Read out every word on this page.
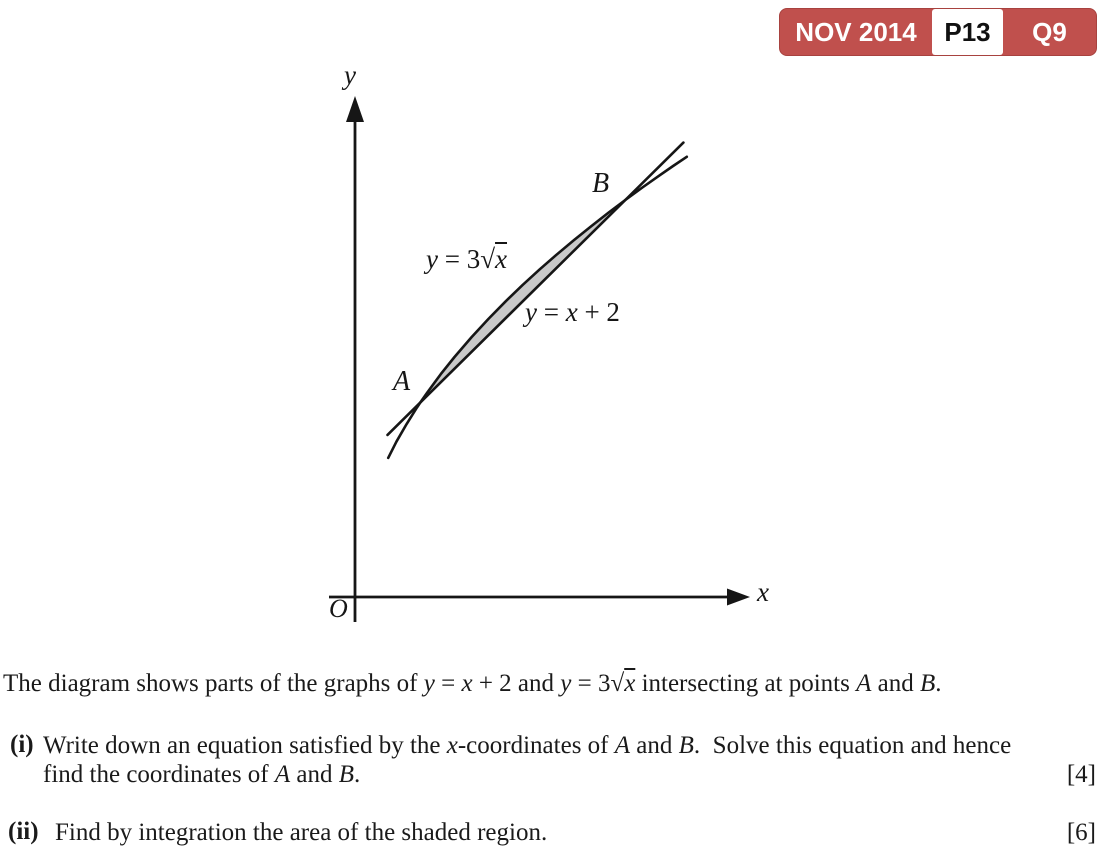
NOV 2014	P13	Q9
y
x
O
A
B
y = 3√x
y = x + 2
The diagram shows parts of the graphs of y = x + 2 and y = 3√x intersecting at points A and B.
(i) Write down an equation satisfied by the x-coordinates of A and B.  Solve this equation and hence
find the coordinates of A and B.	[4]
(ii) Find by integration the area of the shaded region.	[6]
